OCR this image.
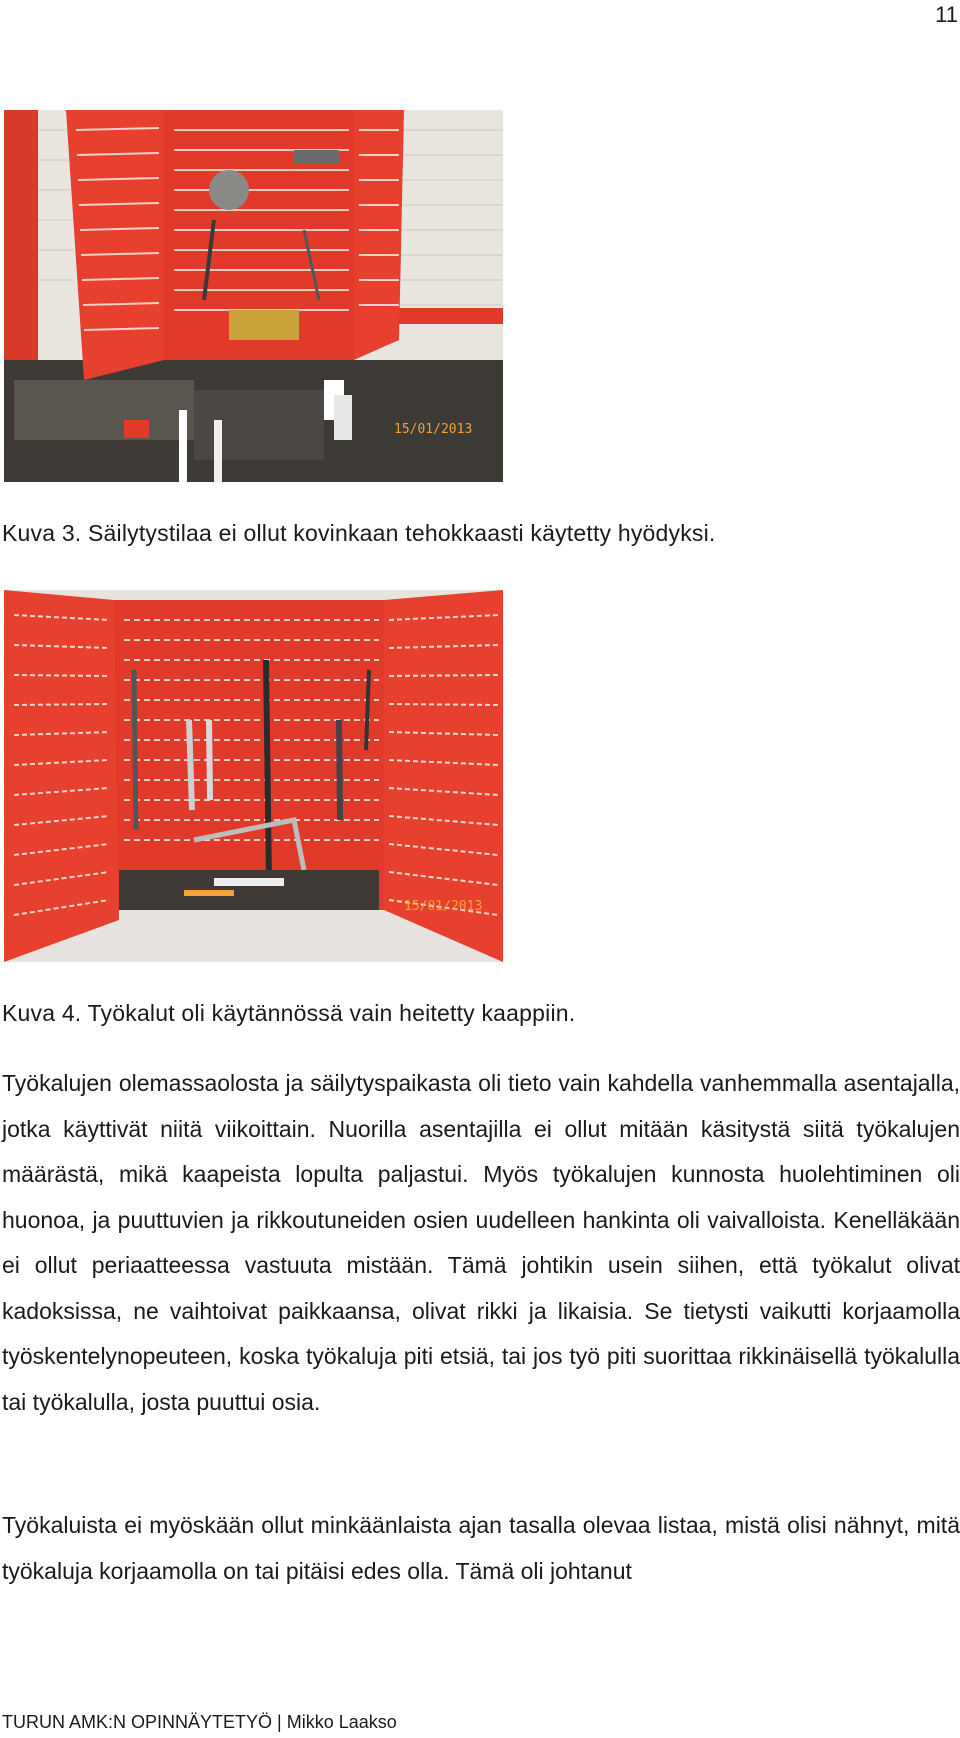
11
15/01/2013
Kuva 3. Säilytystilaa ei ollut kovinkaan tehokkaasti käytetty hyödyksi.
15/01/2013
Kuva 4. Työkalut oli käytännössä vain heitetty kaappiin.
Työkalujen olemassaolosta ja säilytyspaikasta oli tieto vain kahdella vanhemmalla asentajalla, jotka käyttivät niitä viikoittain. Nuorilla asentajilla ei ollut mitään käsitystä siitä työkalujen määrästä, mikä kaapeista lopulta paljastui. Myös työkalujen kunnosta huolehtiminen oli huonoa, ja puuttuvien ja rikkoutuneiden osien uudelleen hankinta oli vaivalloista. Kenelläkään ei ollut periaatteessa vastuuta mistään. Tämä johtikin usein siihen, että työkalut olivat kadoksissa, ne vaihtoivat paikkaansa, olivat rikki ja likaisia. Se tietysti vaikutti korjaamolla työskentelynopeuteen, koska työkaluja piti etsiä, tai jos työ piti suorittaa rikkinäisellä työkalulla tai työkalulla, josta puuttui osia.
Työkaluista ei myöskään ollut minkäänlaista ajan tasalla olevaa listaa, mistä olisi nähnyt, mitä työkaluja korjaamolla on tai pitäisi edes olla. Tämä oli johtanut
TURUN AMK:N OPINNÄYTETYÖ | Mikko Laakso
